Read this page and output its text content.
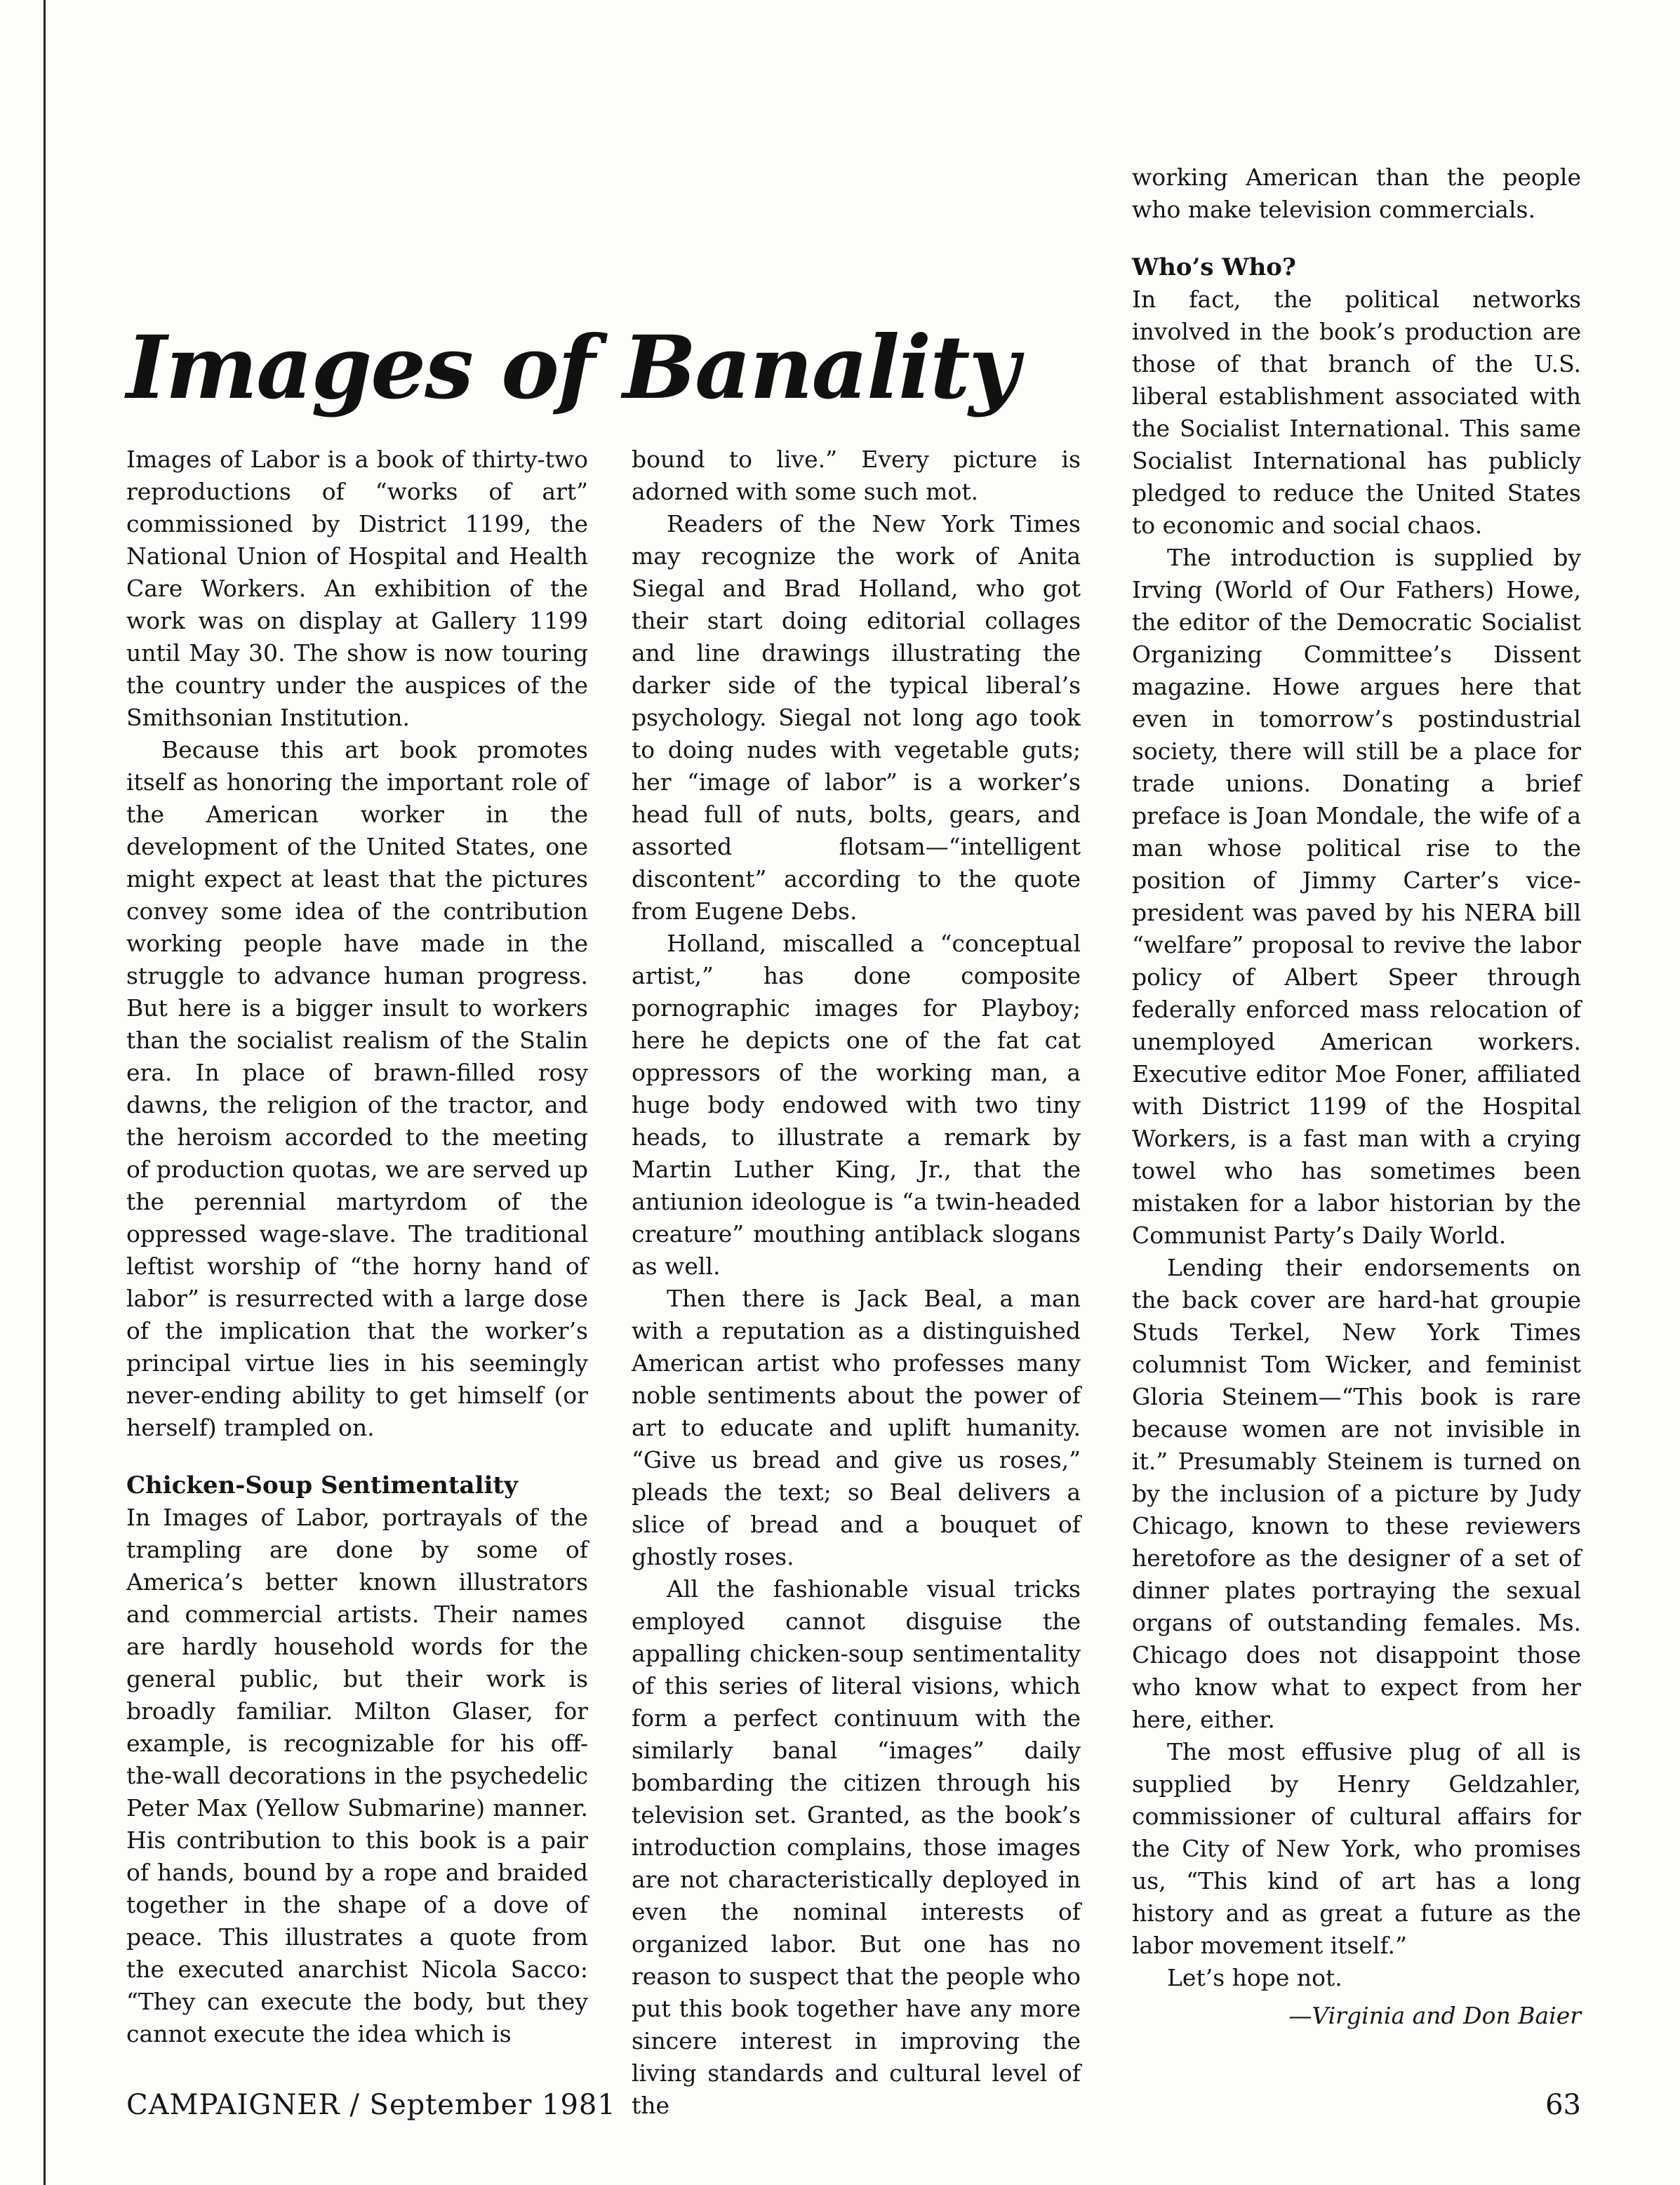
Images of Banality

Images of Labor is a book of thirty-two reproductions of “works of art” commissioned by District 1199, the National Union of Hospital and Health Care Workers. An exhibition of the work was on display at Gallery 1199 until May 30. The show is now touring the country under the auspices of the Smithsonian Institution.

Because this art book promotes itself as honoring the important role of the American worker in the development of the United States, one might expect at least that the pictures convey some idea of the contribution working people have made in the struggle to advance human progress. But here is a bigger insult to workers than the socialist realism of the Stalin era. In place of brawn-filled rosy dawns, the religion of the tractor, and the heroism accorded to the meeting of production quotas, we are served up the perennial martyrdom of the oppressed wage-slave. The traditional leftist worship of “the horny hand of labor” is resurrected with a large dose of the implication that the worker’s principal virtue lies in his seemingly never-ending ability to get himself (or herself) trampled on.

Chicken-Soup Sentimentality

In Images of Labor, portrayals of the trampling are done by some of America’s better known illustrators and commercial artists. Their names are hardly household words for the general public, but their work is broadly familiar. Milton Glaser, for example, is recognizable for his off-the-wall decorations in the psychedelic Peter Max (Yellow Submarine) manner. His contribution to this book is a pair of hands, bound by a rope and braided together in the shape of a dove of peace. This illustrates a quote from the executed anarchist Nicola Sacco: “They can execute the body, but they cannot execute the idea which is

bound to live.” Every picture is adorned with some such mot.

Readers of the New York Times may recognize the work of Anita Siegal and Brad Holland, who got their start doing editorial collages and line drawings illustrating the darker side of the typical liberal’s psychology. Siegal not long ago took to doing nudes with vegetable guts; her “image of labor” is a worker’s head full of nuts, bolts, gears, and assorted flotsam—“intelligent discontent” according to the quote from Eugene Debs.

Holland, miscalled a “conceptual artist,” has done composite pornographic images for Playboy; here he depicts one of the fat cat oppressors of the working man, a huge body endowed with two tiny heads, to illustrate a remark by Martin Luther King, Jr., that the antiunion ideologue is “a twin-headed creature” mouthing antiblack slogans as well.

Then there is Jack Beal, a man with a reputation as a distinguished American artist who professes many noble sentiments about the power of art to educate and uplift humanity. “Give us bread and give us roses,” pleads the text; so Beal delivers a slice of bread and a bouquet of ghostly roses.

All the fashionable visual tricks employed cannot disguise the appalling chicken-soup sentimentality of this series of literal visions, which form a perfect continuum with the similarly banal “images” daily bombarding the citizen through his television set. Granted, as the book’s introduction complains, those images are not characteristically deployed in even the nominal interests of organized labor. But one has no reason to suspect that the people who put this book together have any more sincere interest in improving the living standards and cultural level of the

working American than the people who make television commercials.

Who’s Who?

In fact, the political networks involved in the book’s production are those of that branch of the U.S. liberal establishment associated with the Socialist International. This same Socialist International has publicly pledged to reduce the United States to economic and social chaos.

The introduction is supplied by Irving (World of Our Fathers) Howe, the editor of the Democratic Socialist Organizing Committee’s Dissent magazine. Howe argues here that even in tomorrow’s postindustrial society, there will still be a place for trade unions. Donating a brief preface is Joan Mondale, the wife of a man whose political rise to the position of Jimmy Carter’s vice-president was paved by his NERA bill “welfare” proposal to revive the labor policy of Albert Speer through federally enforced mass relocation of unemployed American workers. Executive editor Moe Foner, affiliated with District 1199 of the Hospital Workers, is a fast man with a crying towel who has sometimes been mistaken for a labor historian by the Communist Party’s Daily World.

Lending their endorsements on the back cover are hard-hat groupie Studs Terkel, New York Times columnist Tom Wicker, and feminist Gloria Steinem—“This book is rare because women are not invisible in it.” Presumably Steinem is turned on by the inclusion of a picture by Judy Chicago, known to these reviewers heretofore as the designer of a set of dinner plates portraying the sexual organs of outstanding females. Ms. Chicago does not disappoint those who know what to expect from her here, either.

The most effusive plug of all is supplied by Henry Geldzahler, commissioner of cultural affairs for the City of New York, who promises us, “This kind of art has a long history and as great a future as the labor movement itself.”

Let’s hope not.

—Virginia and Don Baier
CAMPAIGNER / September 1981	63
